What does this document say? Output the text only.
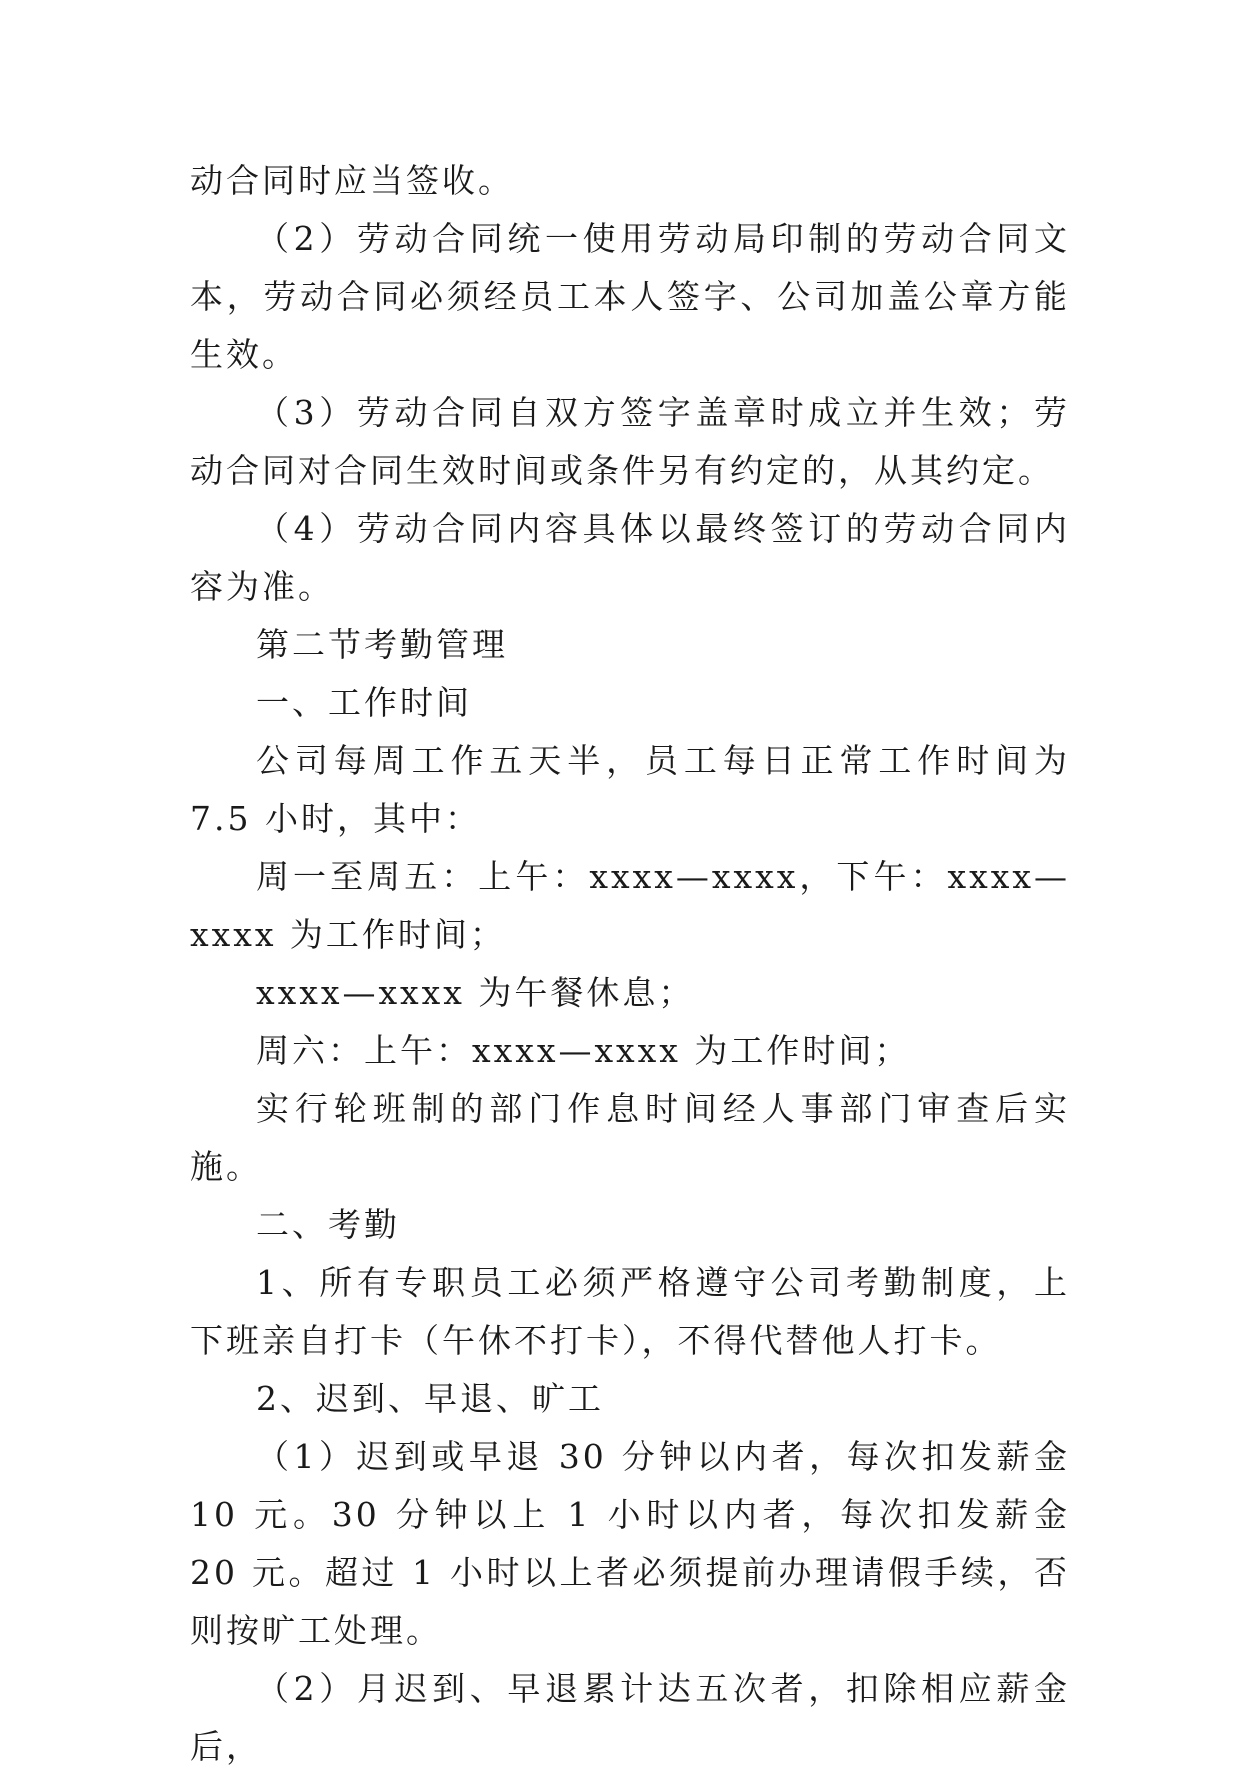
动合同时应当签收。

（2）劳动合同统一使用劳动局印制的劳动合同文本，劳动合同必须经员工本人签字、公司加盖公章方能生效。

（3）劳动合同自双方签字盖章时成立并生效；劳动合同对合同生效时间或条件另有约定的，从其约定。

（4）劳动合同内容具体以最终签订的劳动合同内容为准。

第二节考勤管理

一、工作时间

公司每周工作五天半，员工每日正常工作时间为 7.5 小时，其中：

周一至周五：上午：xxxx—xxxx，下午：xxxx—xxxx 为工作时间；

xxxx—xxxx 为午餐休息；

周六：上午：xxxx—xxxx 为工作时间；

实行轮班制的部门作息时间经人事部门审查后实施。

二、考勤

1、所有专职员工必须严格遵守公司考勤制度，上下班亲自打卡（午休不打卡），不得代替他人打卡。

2、迟到、早退、旷工

（1）迟到或早退 30 分钟以内者，每次扣发薪金 10 元。30 分钟以上 1 小时以内者，每次扣发薪金 20 元。超过 1 小时以上者必须提前办理请假手续，否则按旷工处理。

（2）月迟到、早退累计达五次者，扣除相应薪金后，
